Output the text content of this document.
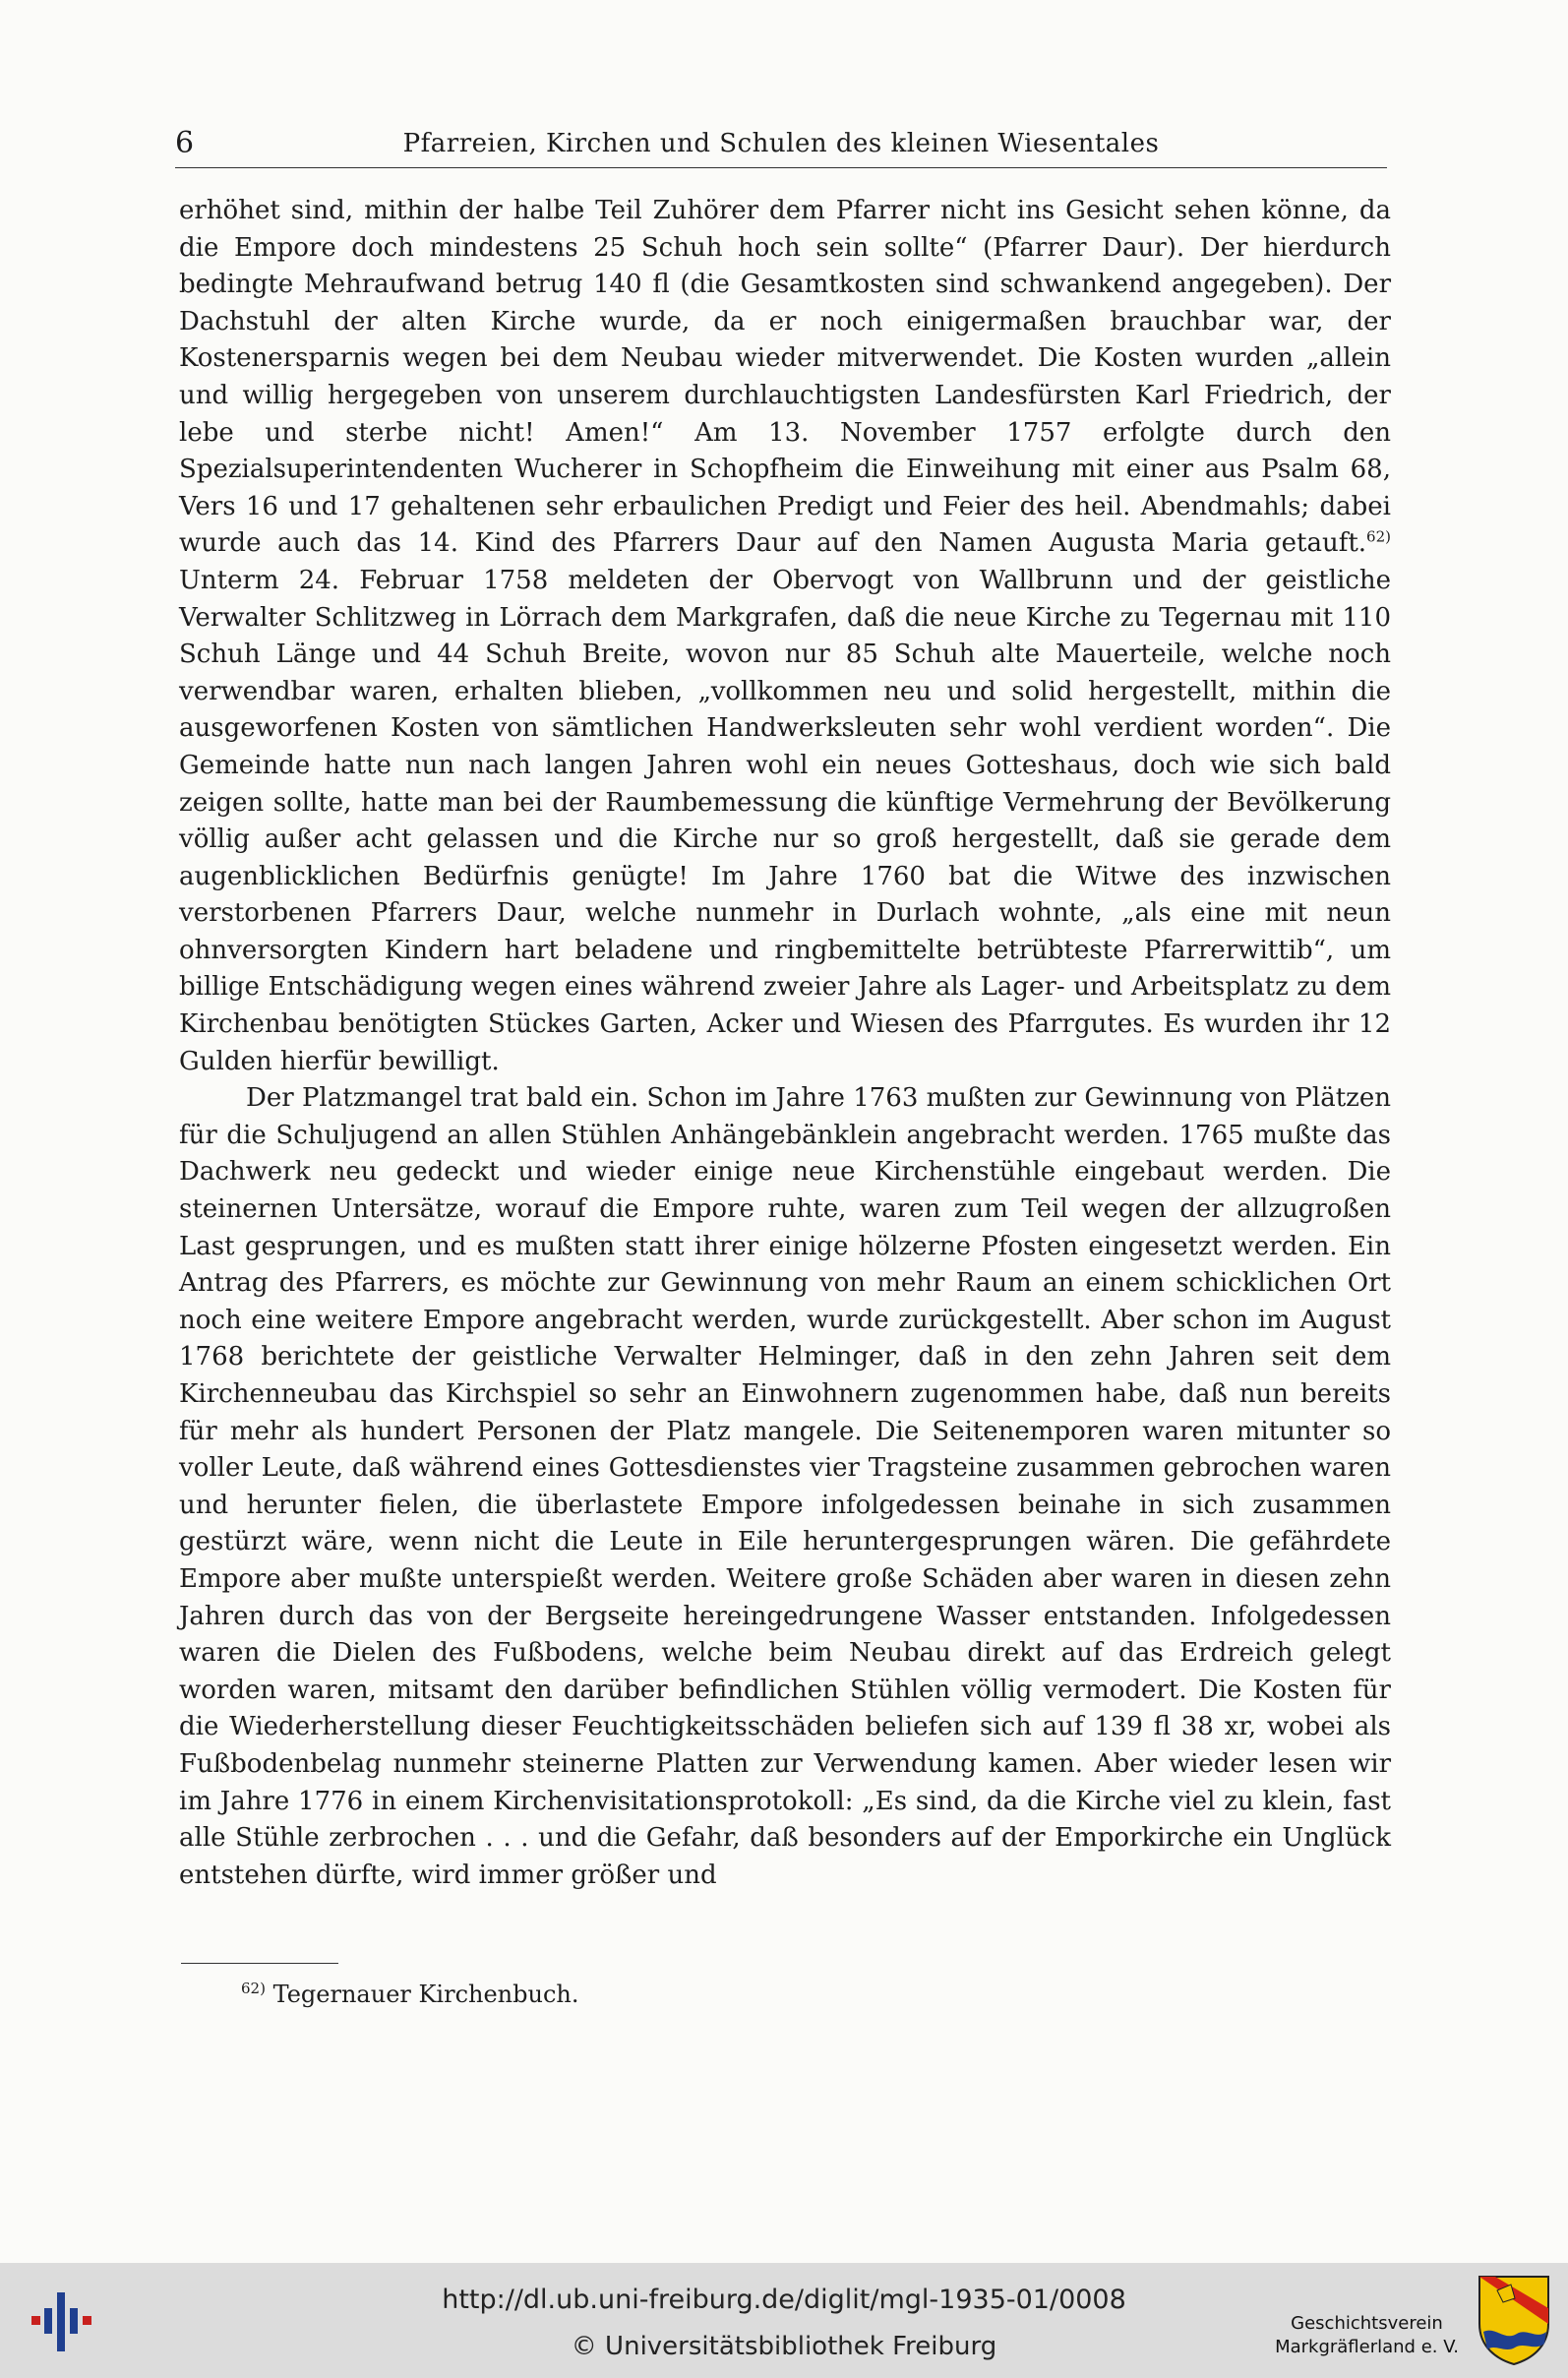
6	Pfarreien, Kirchen und Schulen des kleinen Wiesentales

erhöhet sind, mithin der halbe Teil Zuhörer dem Pfarrer nicht ins Gesicht sehen könne, da die Empore doch mindestens 25 Schuh hoch sein sollte“ (Pfarrer Daur). Der hierdurch bedingte Mehraufwand betrug 140 fl (die Gesamtkosten sind schwankend angegeben). Der Dachstuhl der alten Kirche wurde, da er noch einigermaßen brauchbar war, der Kostenersparnis wegen bei dem Neubau wieder mitverwendet. Die Kosten wurden „allein und willig hergegeben von unserem durchlauchtigsten Landesfürsten Karl Friedrich, der lebe und sterbe nicht! Amen!“ Am 13. November 1757 erfolgte durch den Spezialsuperintendenten Wucherer in Schopfheim die Einweihung mit einer aus Psalm 68, Vers 16 und 17 gehaltenen sehr erbaulichen Predigt und Feier des heil. Abendmahls; dabei wurde auch das 14. Kind des Pfarrers Daur auf den Namen Augusta Maria getauft.$^{62)}$ Unterm 24. Februar 1758 meldeten der Obervogt von Wallbrunn und der geistliche Verwalter Schlitzweg in Lörrach dem Markgrafen, daß die neue Kirche zu Tegernau mit 110 Schuh Länge und 44 Schuh Breite, wovon nur 85 Schuh alte Mauerteile, welche noch verwendbar waren, erhalten blieben, „vollkommen neu und solid hergestellt, mithin die ausgeworfenen Kosten von sämtlichen Handwerksleuten sehr wohl verdient worden“. Die Gemeinde hatte nun nach langen Jahren wohl ein neues Gotteshaus, doch wie sich bald zeigen sollte, hatte man bei der Raumbemessung die künftige Vermehrung der Bevölkerung völlig außer acht gelassen und die Kirche nur so groß hergestellt, daß sie gerade dem augenblicklichen Bedürfnis genügte! Im Jahre 1760 bat die Witwe des inzwischen verstorbenen Pfarrers Daur, welche nunmehr in Durlach wohnte, „als eine mit neun ohnversorgten Kindern hart beladene und ringbemittelte betrübteste Pfarrerwittib“, um billige Entschädigung wegen eines während zweier Jahre als Lager- und Arbeitsplatz zu dem Kirchenbau benötigten Stückes Garten, Acker und Wiesen des Pfarrgutes. Es wurden ihr 12 Gulden hierfür bewilligt.

Der Platzmangel trat bald ein. Schon im Jahre 1763 mußten zur Gewinnung von Plätzen für die Schuljugend an allen Stühlen Anhängebänklein angebracht werden. 1765 mußte das Dachwerk neu gedeckt und wieder einige neue Kirchenstühle eingebaut werden. Die steinernen Untersätze, worauf die Empore ruhte, waren zum Teil wegen der allzugroßen Last gesprungen, und es mußten statt ihrer einige hölzerne Pfosten eingesetzt werden. Ein Antrag des Pfarrers, es möchte zur Gewinnung von mehr Raum an einem schicklichen Ort noch eine weitere Empore angebracht werden, wurde zurückgestellt. Aber schon im August 1768 berichtete der geistliche Verwalter Helminger, daß in den zehn Jahren seit dem Kirchenneubau das Kirchspiel so sehr an Einwohnern zugenommen habe, daß nun bereits für mehr als hundert Personen der Platz mangele. Die Seitenemporen waren mitunter so voller Leute, daß während eines Gottesdienstes vier Tragsteine zusammen gebrochen waren und herunter fielen, die überlastete Empore infolgedessen beinahe in sich zusammen gestürzt wäre, wenn nicht die Leute in Eile heruntergesprungen wären. Die gefährdete Empore aber mußte unterspießt werden. Weitere große Schäden aber waren in diesen zehn Jahren durch das von der Bergseite hereingedrungene Wasser entstanden. Infolgedessen waren die Dielen des Fußbodens, welche beim Neubau direkt auf das Erdreich gelegt worden waren, mitsamt den darüber befindlichen Stühlen völlig vermodert. Die Kosten für die Wiederherstellung dieser Feuchtigkeitsschäden beliefen sich auf 139 fl 38 xr, wobei als Fußbodenbelag nunmehr steinerne Platten zur Verwendung kamen. Aber wieder lesen wir im Jahre 1776 in einem Kirchenvisitationsprotokoll: „Es sind, da die Kirche viel zu klein, fast alle Stühle zerbrochen . . . und die Gefahr, daß besonders auf der Emporkirche ein Unglück entstehen dürfte, wird immer größer und

$^{62)}$ Tegernauer Kirchenbuch.
http://dl.ub.uni-freiburg.de/diglit/mgl-1935-01/0008
© Universitätsbibliothek Freiburg
Geschichtsverein
Markgräflerland e. V.
